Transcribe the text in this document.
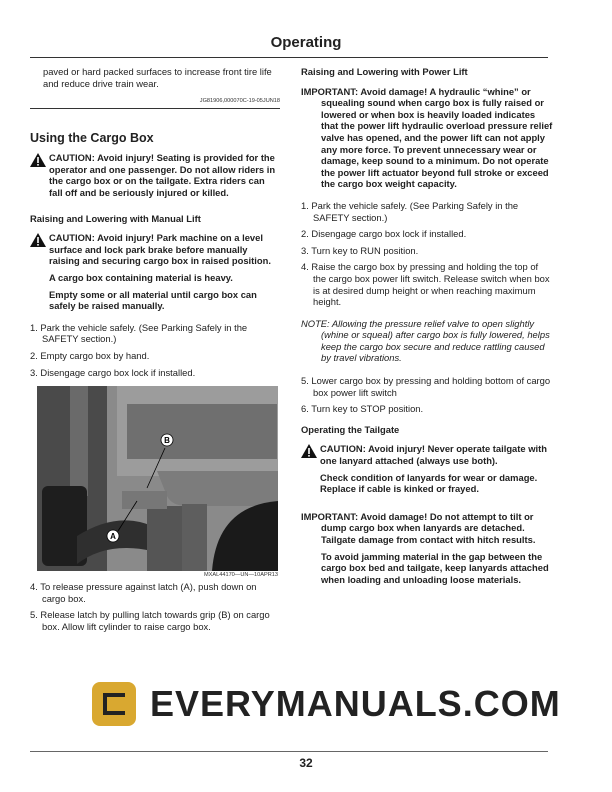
Operating
paved or hard packed surfaces to increase front tire life and reduce drive train wear.
JG81906,000070C-19-05JUN18
Using the Cargo Box
CAUTION: Avoid injury! Seating is provided for the operator and one passenger. Do not allow riders in the cargo box or on the tailgate. Extra riders can fall off and be seriously injured or killed.
Raising and Lowering with Manual Lift
CAUTION: Avoid injury! Park machine on a level surface and lock park brake before manually raising and securing cargo box in raised position.
A cargo box containing material is heavy.
Empty some or all material until cargo box can safely be raised manually.
1. Park the vehicle safely. (See Parking Safely in the SAFETY section.)
2. Empty cargo box by hand.
3. Disengage cargo box lock if installed.
B
A
MXAL44170—UN—10APR13
4. To release pressure against latch (A), push down on cargo box.
5. Release latch by pulling latch towards grip (B) on cargo box. Allow lift cylinder to raise cargo box.
Raising and Lowering with Power Lift
IMPORTANT: Avoid damage! A hydraulic “whine” or squealing sound when cargo box is fully raised or lowered or when box is heavily loaded indicates that the power lift hydraulic overload pressure relief valve has opened, and the power lift can not apply any more force. To prevent unnecessary wear or damage, keep sound to a minimum. Do not operate the power lift actuator beyond full stroke or exceed the cargo box weight capacity.
1. Park the vehicle safely. (See Parking Safely in the SAFETY section.)
2. Disengage cargo box lock if installed.
3. Turn key to RUN position.
4. Raise the cargo box by pressing and holding the top of the cargo box power lift switch. Release switch when box is at desired dump height or when reaching maximum height.
NOTE: Allowing the pressure relief valve to open slightly (whine or squeal) after cargo box is fully lowered, helps keep the cargo box secure and reduce rattling caused by travel vibrations.
5. Lower cargo box by pressing and holding bottom of cargo box power lift switch
6. Turn key to STOP position.
Operating the Tailgate
CAUTION: Avoid injury! Never operate tailgate with one lanyard attached (always use both).
Check condition of lanyards for wear or damage. Replace if cable is kinked or frayed.
IMPORTANT: Avoid damage! Do not attempt to tilt or dump cargo box when lanyards are detached. Tailgate damage from contact with hitch results.
To avoid jamming material in the gap between the cargo box bed and tailgate, keep lanyards attached when loading and unloading loose materials.
EVERYMANUALS.COM
32
